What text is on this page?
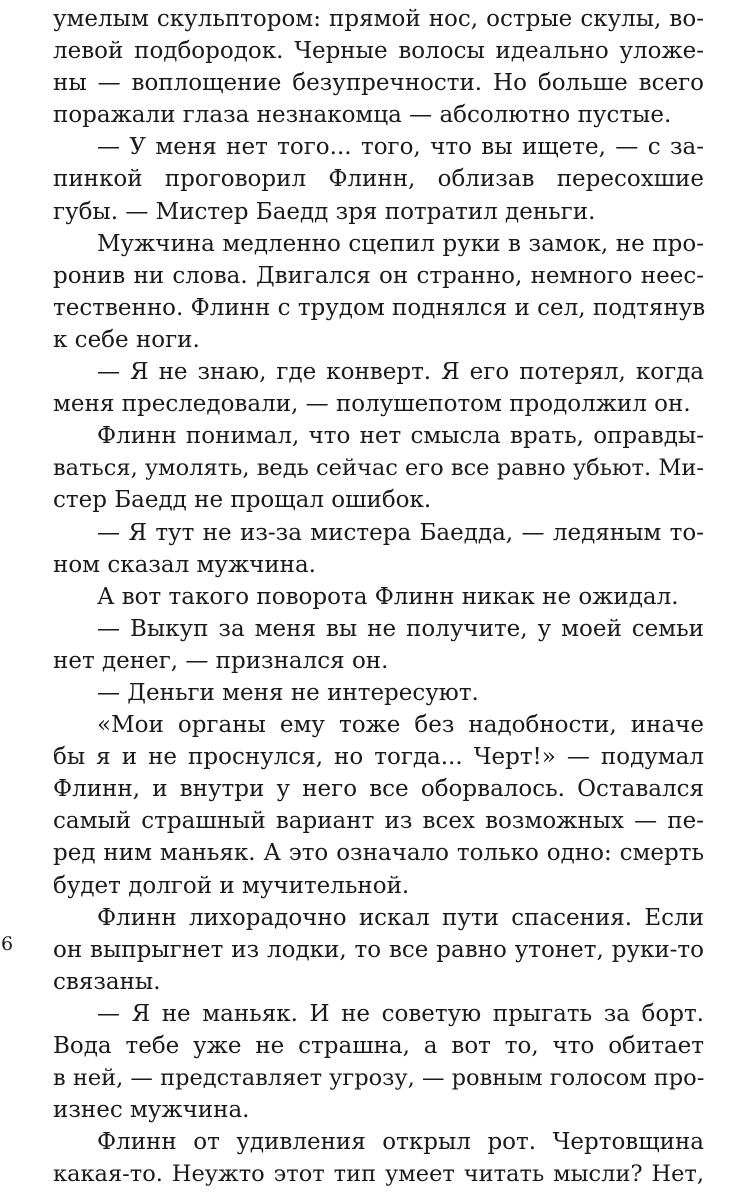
умелым скульптором: прямой нос, острые скулы, во-
левой подбородок. Черные волосы идеально уложе-
ны — воплощение безупречности. Но больше всего
поражали глаза незнакомца — абсолютно пустые.
— У меня нет того... того, что вы ищете, — с за-
пинкой проговорил Флинн, облизав пересохшие
губы. — Мистер Баедд зря потратил деньги.
Мужчина медленно сцепил руки в замок, не про-
ронив ни слова. Двигался он странно, немного неес-
тественно. Флинн с трудом поднялся и сел, подтянув
к себе ноги.
— Я не знаю, где конверт. Я его потерял, когда
меня преследовали, — полушепотом продолжил он.
Флинн понимал, что нет смысла врать, оправды-
ваться, умолять, ведь сейчас его все равно убьют. Ми-
стер Баедд не прощал ошибок.
— Я тут не из-за мистера Баедда, — ледяным то-
ном сказал мужчина.
А вот такого поворота Флинн никак не ожидал.
— Выкуп за меня вы не получите, у моей семьи
нет денег, — признался он.
— Деньги меня не интересуют.
«Мои органы ему тоже без надобности, иначе
бы я и не проснулся, но тогда... Черт!» — подумал
Флинн, и внутри у него все оборвалось. Оставался
самый страшный вариант из всех возможных — пе-
ред ним маньяк. А это означало только одно: смерть
будет долгой и мучительной.
Флинн лихорадочно искал пути спасения. Если
он выпрыгнет из лодки, то все равно утонет, руки-то
связаны.
— Я не маньяк. И не советую прыгать за борт.
Вода тебе уже не страшна, а вот то, что обитает
в ней, — представляет угрозу, — ровным голосом про-
изнес мужчина.
Флинн от удивления открыл рот. Чертовщина
какая-то. Неужто этот тип умеет читать мысли? Нет,
6
